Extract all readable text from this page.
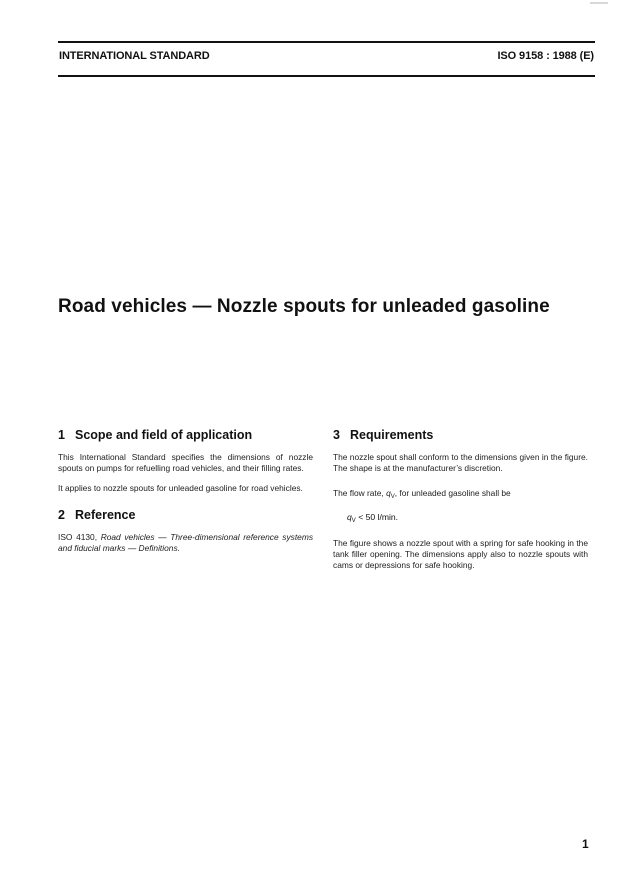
INTERNATIONAL STANDARD	ISO 9158 : 1988 (E)
Road vehicles — Nozzle spouts for unleaded gasoline
1 Scope and field of application

This International Standard specifies the dimensions of nozzle spouts on pumps for refuelling road vehicles, and their filling rates.

It applies to nozzle spouts for unleaded gasoline for road vehicles.

2 Reference

ISO 4130, Road vehicles — Three-dimensional reference systems and fiducial marks — Definitions.

3 Requirements

The nozzle spout shall conform to the dimensions given in the figure. The shape is at the manufacturer’s discretion.

The flow rate, $q_V$, for unleaded gasoline shall be

$q_V < 50$ l/min.

The figure shows a nozzle spout with a spring for safe hooking in the tank filler opening. The dimensions apply also to nozzle spouts with cams or depressions for safe hooking.

1
